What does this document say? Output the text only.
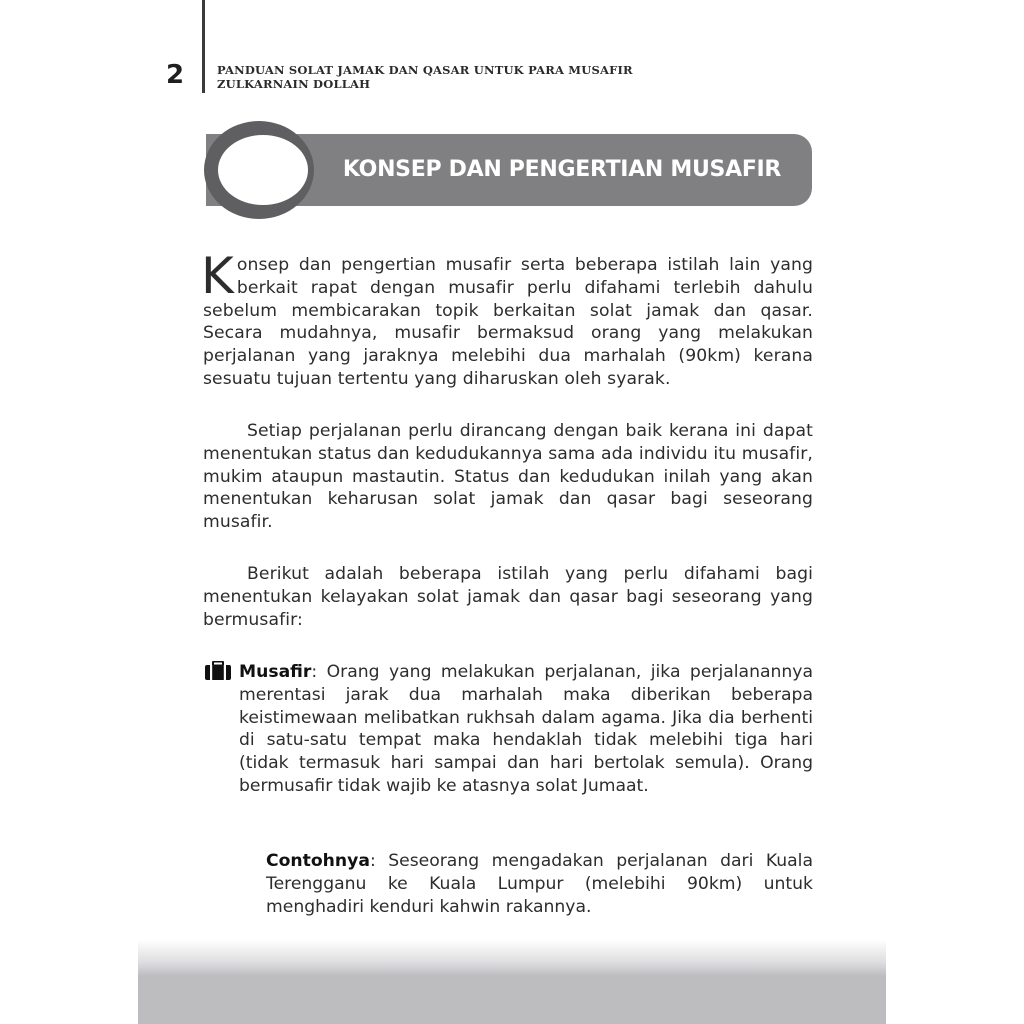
2	PANDUAN SOLAT JAMAK DAN QASAR UNTUK PARA MUSAFIR
ZULKARNAIN DOLLAH
KONSEP DAN PENGERTIAN MUSAFIR
Konsep dan pengertian musafir serta beberapa istilah lain yang berkait rapat dengan musafir perlu difahami terlebih dahulu sebelum membicarakan topik berkaitan solat jamak dan qasar. Secara mudahnya, musafir bermaksud orang yang melakukan perjalanan yang jaraknya melebihi dua marhalah (90km) kerana sesuatu tujuan tertentu yang diharuskan oleh syarak.
Setiap perjalanan perlu dirancang dengan baik kerana ini dapat menentukan status dan kedudukannya sama ada individu itu musafir, mukim ataupun mastautin. Status dan kedudukan inilah yang akan menentukan keharusan solat jamak dan qasar bagi seseorang musafir.
Berikut adalah beberapa istilah yang perlu difahami bagi menentukan kelayakan solat jamak dan qasar bagi seseorang yang bermusafir:
Musafir: Orang yang melakukan perjalanan, jika perjalanannya merentasi jarak dua marhalah maka diberikan beberapa keistimewaan melibatkan rukhsah dalam agama. Jika dia berhenti di satu-satu tempat maka hendaklah tidak melebihi tiga hari (tidak termasuk hari sampai dan hari bertolak semula). Orang bermusafir tidak wajib ke atasnya solat Jumaat.
Contohnya: Seseorang mengadakan perjalanan dari Kuala Terengganu ke Kuala Lumpur (melebihi 90km) untuk menghadiri kenduri kahwin rakannya.
